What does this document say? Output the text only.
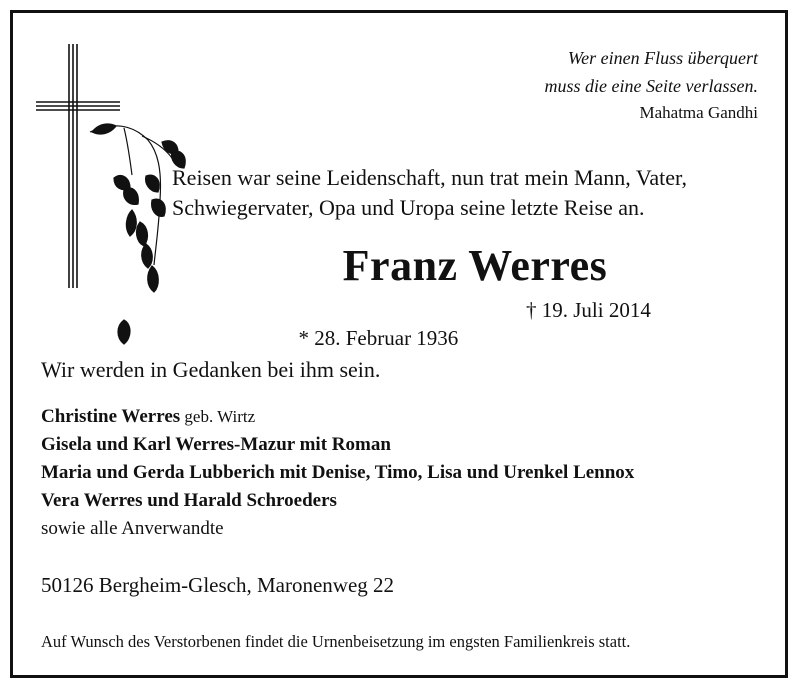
Wer einen Fluss überquert
muss die eine Seite verlassen.
Mahatma Gandhi
Reisen war seine Leidenschaft, nun trat mein Mann, Vater,
Schwiegervater, Opa und Uropa seine letzte Reise an.
Franz Werres

* 28. Februar 1936

† 19. Juli 2014

Wir werden in Gedanken bei ihm sein.
Christine Werres geb. Wirtz
Gisela und Karl Werres-Mazur mit Roman
Maria und Gerda Lubberich mit Denise, Timo, Lisa und Urenkel Lennox
Vera Werres und Harald Schroeders
sowie alle Anverwandte
50126 Bergheim-Glesch, Maronenweg 22
Auf Wunsch des Verstorbenen findet die Urnenbeisetzung im engsten Familienkreis statt.
